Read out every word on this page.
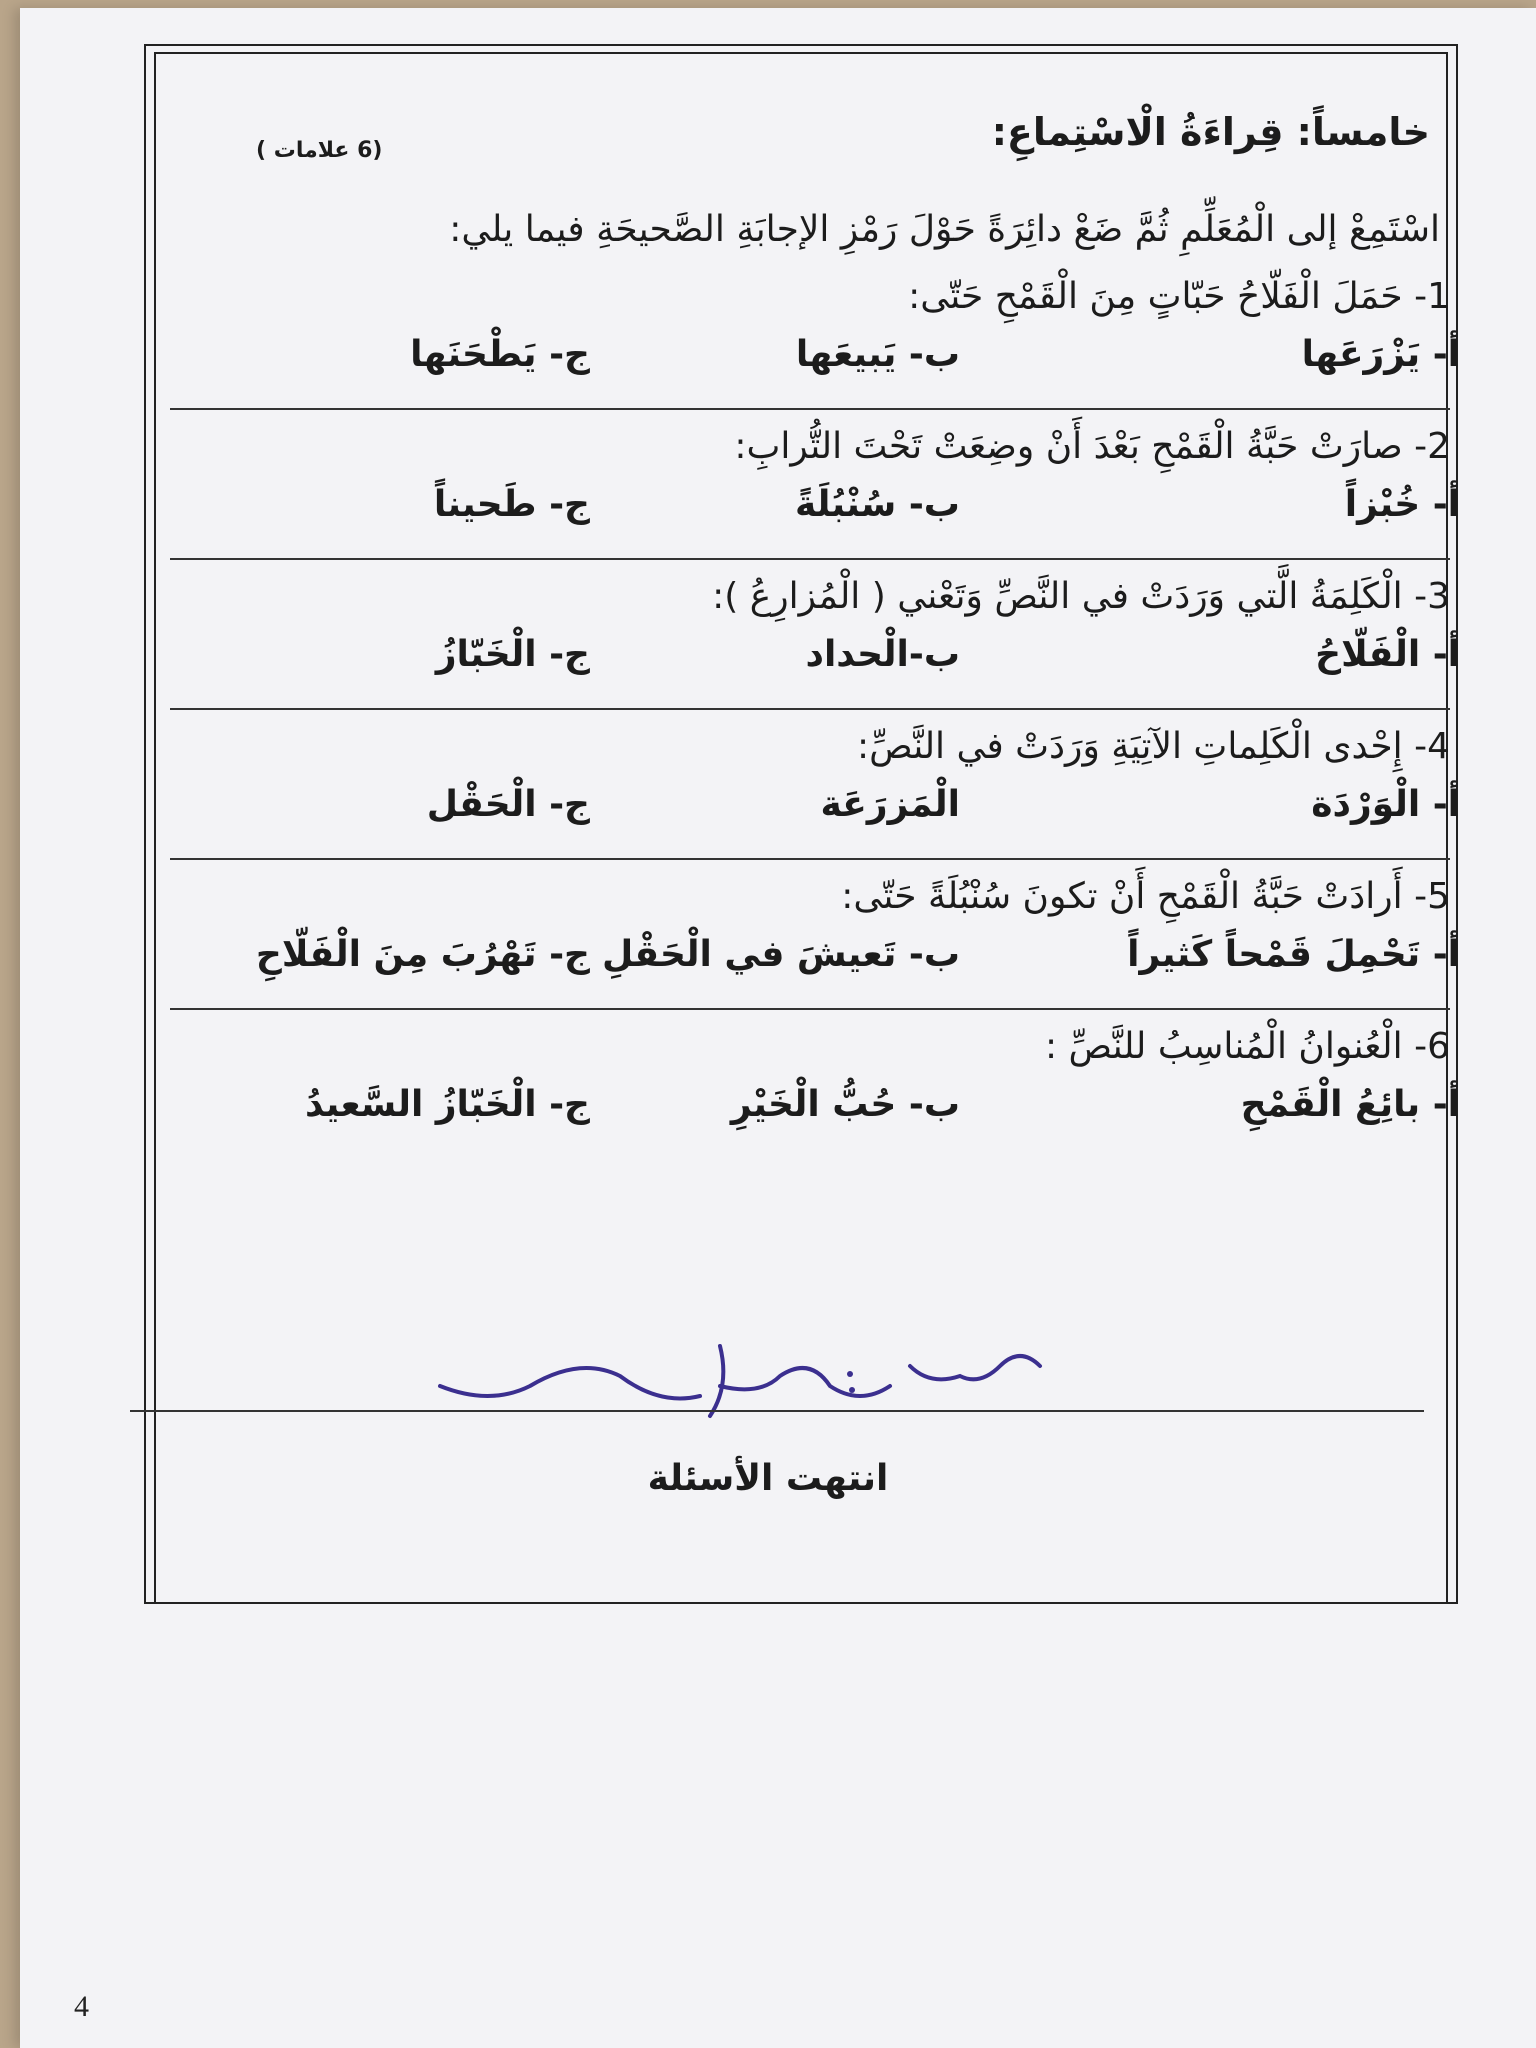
خامساً: قِراءَةُ الْاسْتِماعِ:
(6 علامات )
اسْتَمِعْ إلى الْمُعَلِّمِ ثُمَّ ضَعْ دائِرَةً حَوْلَ رَمْزِ الإجابَةِ الصَّحيحَةِ فيما يلي:
1- حَمَلَ الْفَلّاحُ حَبّاتٍ مِنَ الْقَمْحِ حَتّى:
أ- يَزْرَعَها
ب- يَبيعَها
ج- يَطْحَنَها
2- صارَتْ حَبَّةُ الْقَمْحِ بَعْدَ أَنْ وضِعَتْ تَحْتَ التُّرابِ:
أ- خُبْزاً
ب- سُنْبُلَةً
ج- طَحيناً
3- الْكَلِمَةُ الَّتي وَرَدَتْ في النَّصِّ وَتَعْني ( الْمُزارِعُ ):
أ- الْفَلّاحُ
ب-الْحداد
ج- الْخَبّازُ
4- إِحْدى الْكَلِماتِ الآتِيَةِ وَرَدَتْ في النَّصِّ:
أ- الْوَرْدَة
الْمَزرَعَة
ج- الْحَقْل
5- أَرادَتْ حَبَّةُ الْقَمْحِ أَنْ تكونَ سُنْبُلَةً حَتّى:
أ- تَحْمِلَ قَمْحاً كَثيراً
ب- تَعيشَ في الْحَقْلِ
ج- تَهْرُبَ مِنَ الْفَلّاحِ
6- الْعُنوانُ الْمُناسِبُ للنَّصِّ :
أ- بائِعُ الْقَمْحِ
ب- حُبُّ الْخَيْرِ
ج- الْخَبّازُ السَّعيدُ
انتهت الأسئلة
4
